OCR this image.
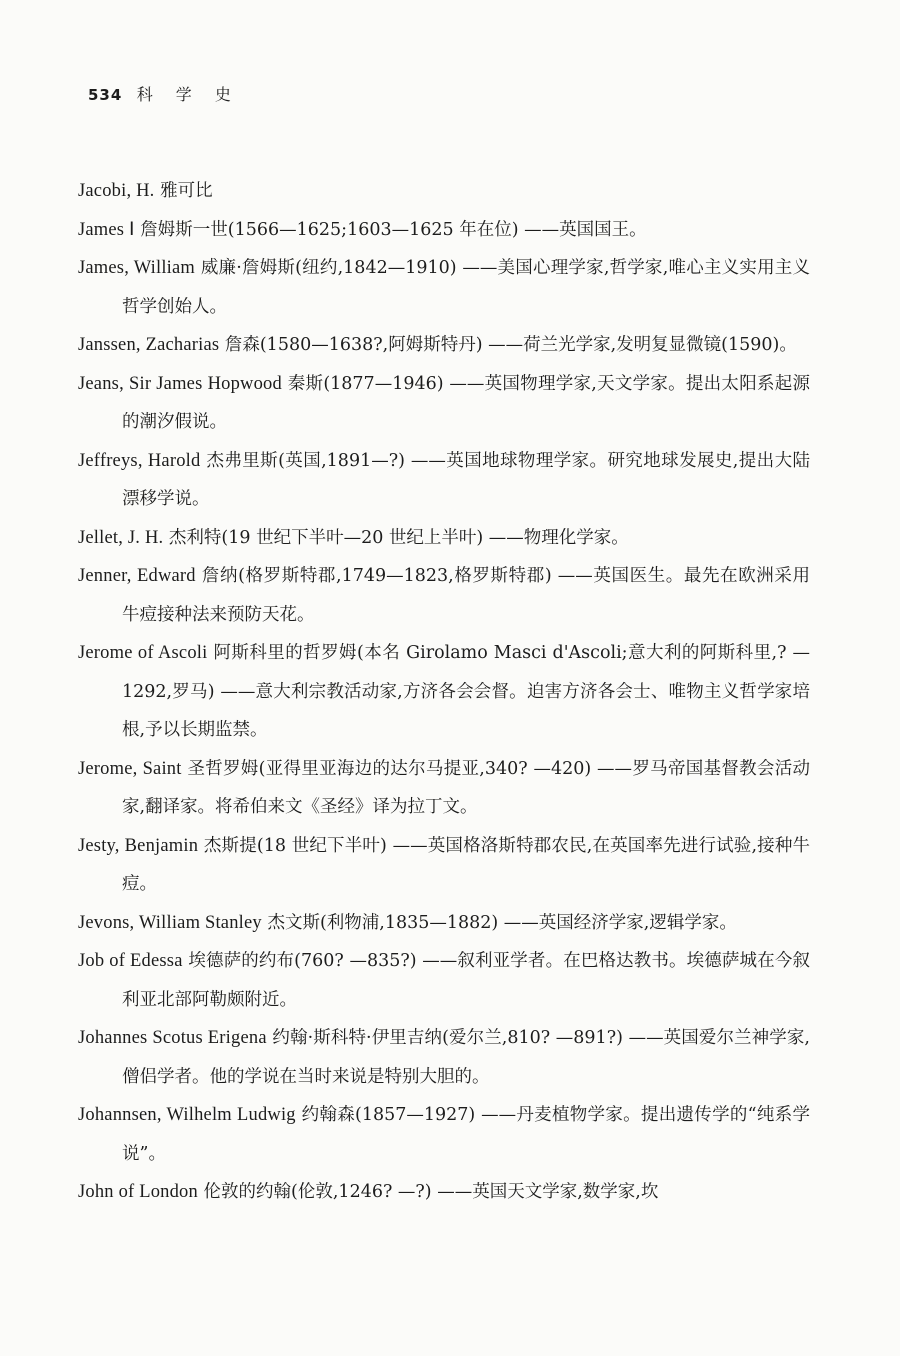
534 科 学 史

Jacobi, H. 雅可比

James Ⅰ 詹姆斯一世(1566—1625;1603—1625 年在位) ——英国国王。

James, William 威廉·詹姆斯(纽约,1842—1910) ——美国心理学家,哲学家,唯心主义实用主义哲学创始人。

Janssen, Zacharias 詹森(1580—1638?,阿姆斯特丹) ——荷兰光学家,发明复显微镜(1590)。

Jeans, Sir James Hopwood 秦斯(1877—1946) ——英国物理学家,天文学家。提出太阳系起源的潮汐假说。

Jeffreys, Harold 杰弗里斯(英国,1891—?) ——英国地球物理学家。研究地球发展史,提出大陆漂移学说。

Jellet, J. H. 杰利特(19 世纪下半叶—20 世纪上半叶) ——物理化学家。

Jenner, Edward 詹纳(格罗斯特郡,1749—1823,格罗斯特郡) ——英国医生。最先在欧洲采用牛痘接种法来预防天花。

Jerome of Ascoli 阿斯科里的哲罗姆(本名 Girolamo Masci d'Ascoli;意大利的阿斯科里,? —1292,罗马) ——意大利宗教活动家,方济各会会督。迫害方济各会士、唯物主义哲学家培根,予以长期监禁。

Jerome, Saint 圣哲罗姆(亚得里亚海边的达尔马提亚,340? —420) ——罗马帝国基督教会活动家,翻译家。将希伯来文《圣经》译为拉丁文。

Jesty, Benjamin 杰斯提(18 世纪下半叶) ——英国格洛斯特郡农民,在英国率先进行试验,接种牛痘。

Jevons, William Stanley 杰文斯(利物浦,1835—1882) ——英国经济学家,逻辑学家。

Job of Edessa 埃德萨的约布(760? —835?) ——叙利亚学者。在巴格达教书。埃德萨城在今叙利亚北部阿勒颇附近。

Johannes Scotus Erigena 约翰·斯科特·伊里吉纳(爱尔兰,810? —891?) ——英国爱尔兰神学家,僧侣学者。他的学说在当时来说是特别大胆的。

Johannsen, Wilhelm Ludwig 约翰森(1857—1927) ——丹麦植物学家。提出遗传学的“纯系学说”。

John of London 伦敦的约翰(伦敦,1246? —?) ——英国天文学家,数学家,坎
